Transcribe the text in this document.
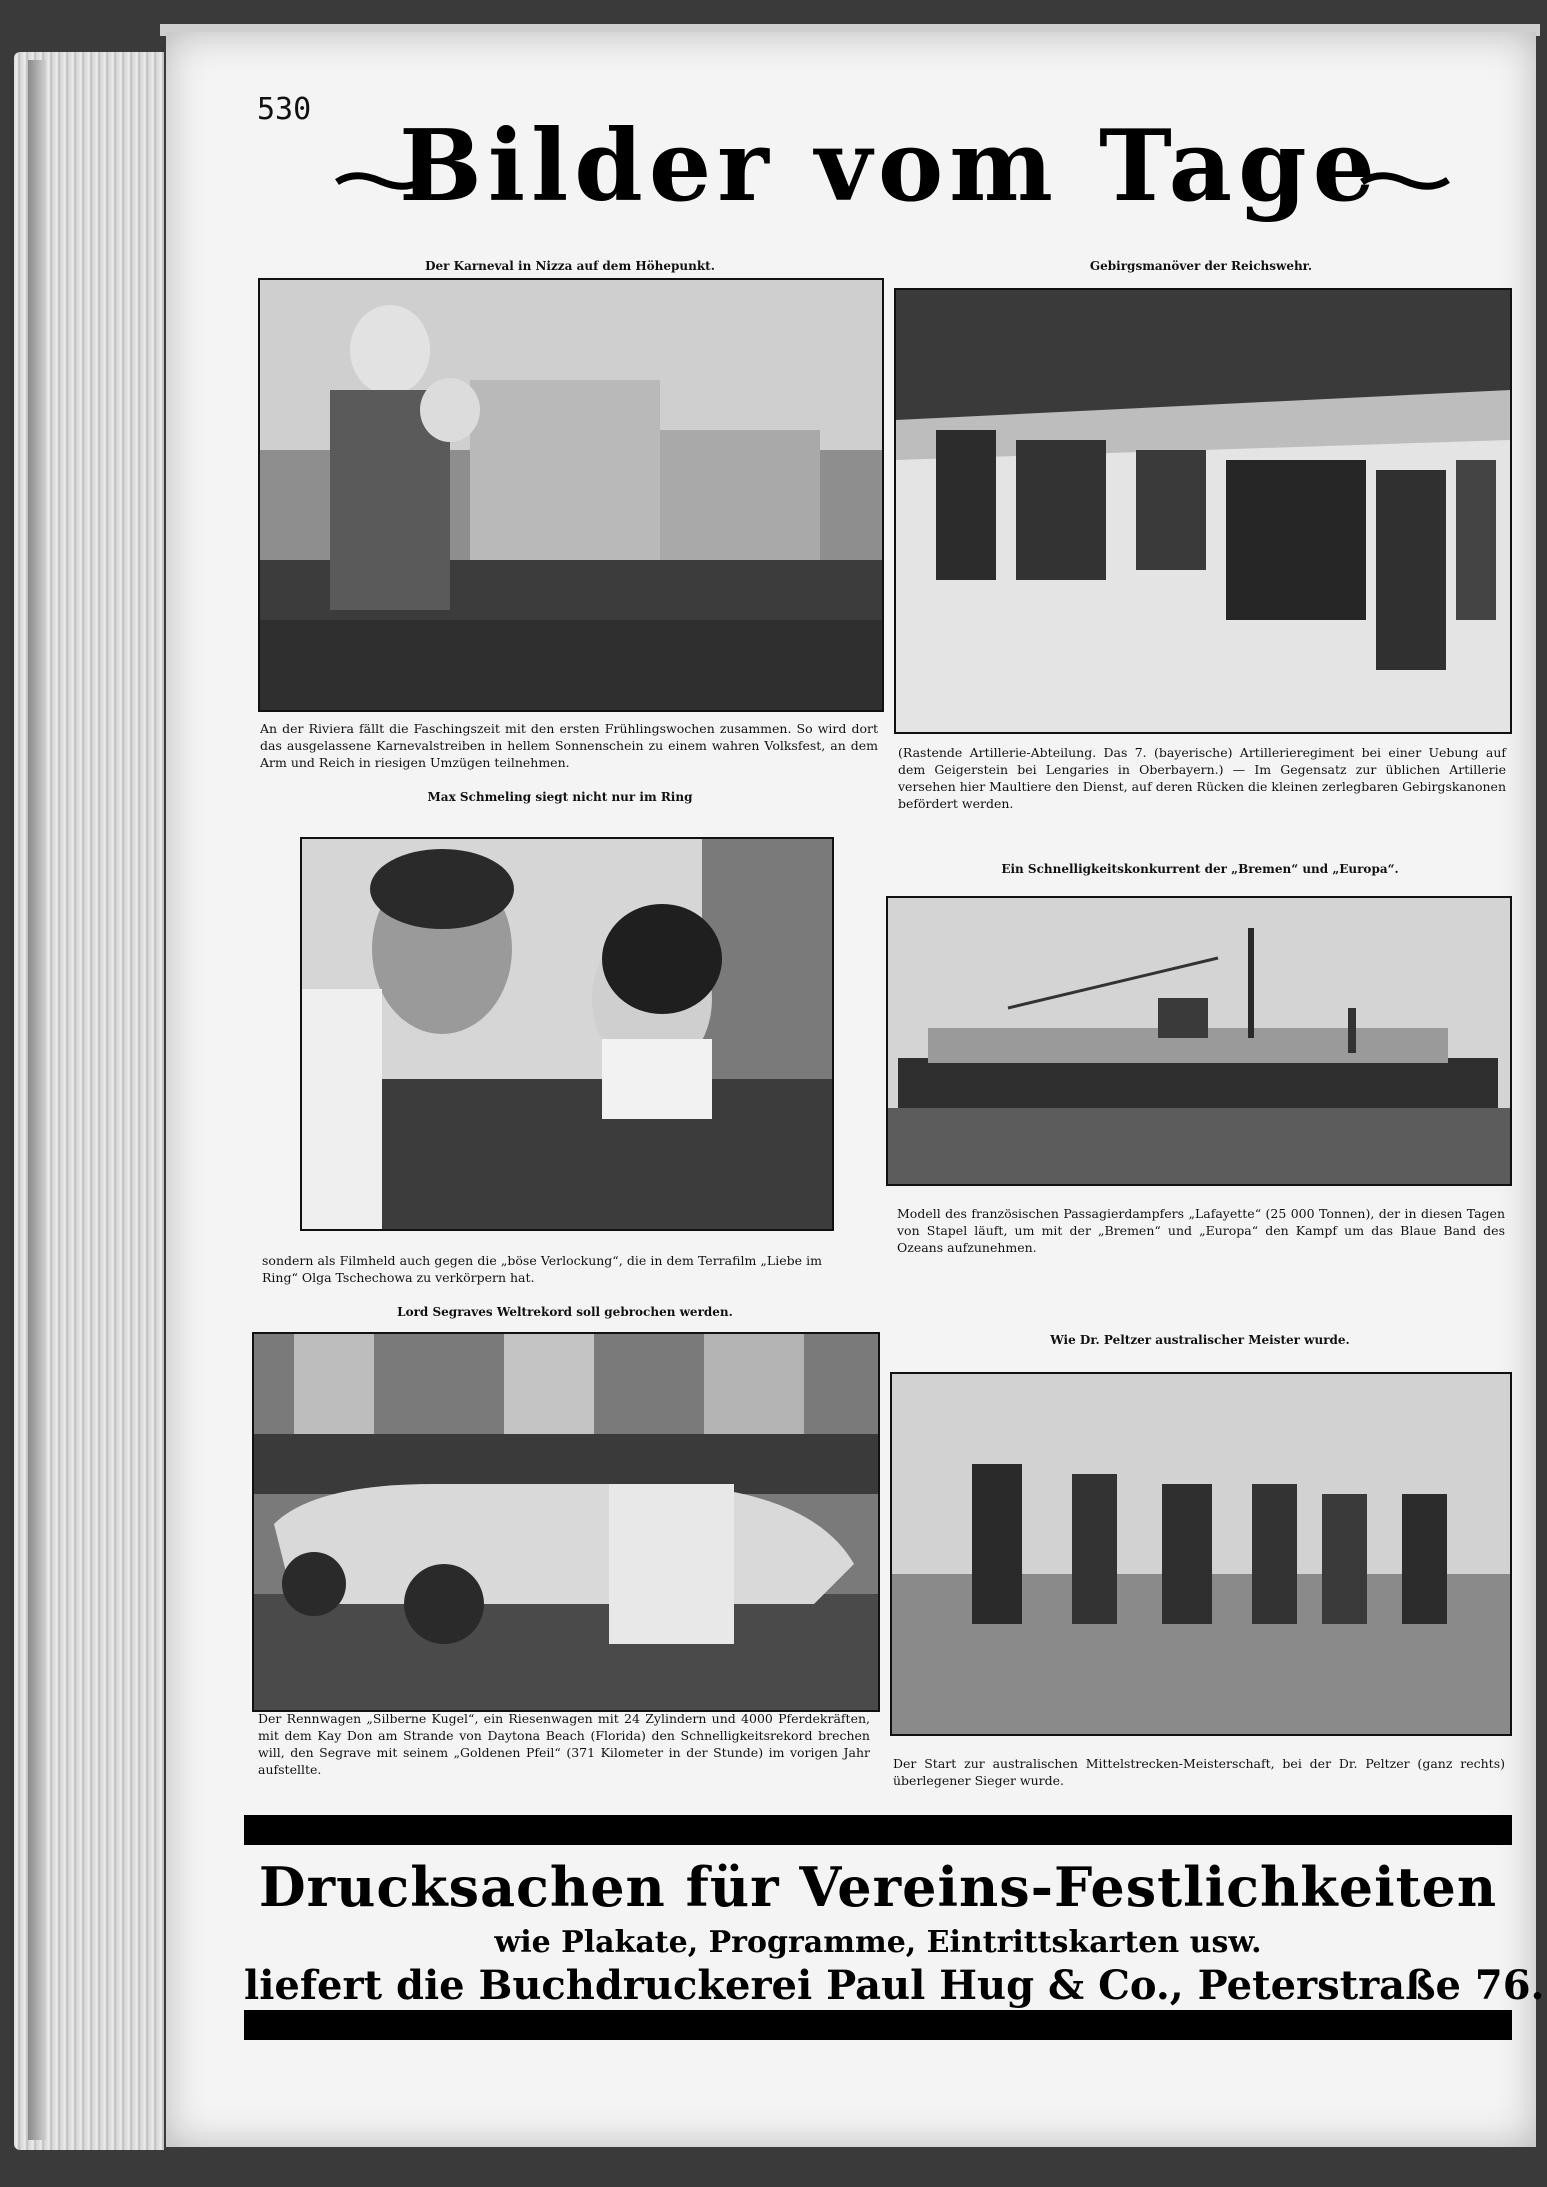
530 Bilder vom Tage
Der Karneval in Nizza auf dem Höhepunkt.
An der Riviera fällt die Faschingszeit mit den ersten Frühlingswochen zusammen. So wird dort das ausgelassene Karnevalstreiben in hellem Sonnenschein zu einem wahren Volksfest, an dem Arm und Reich in riesigen Umzügen teilnehmen.
Gebirgsmanöver der Reichswehr.
(Rastende Artillerie-Abteilung. Das 7. (bayerische) Artillerieregiment bei einer Uebung auf dem Geigerstein bei Lengaries in Oberbayern.) — Im Gegensatz zur üblichen Artillerie versehen hier Maultiere den Dienst, auf deren Rücken die kleinen zerlegbaren Gebirgskanonen befördert werden.
Max Schmeling siegt nicht nur im Ring
sondern als Filmheld auch gegen die „böse Verlockung“, die in dem Terrafilm „Liebe im Ring“ Olga Tschechowa zu verkörpern hat.
Ein Schnelligkeitskonkurrent der „Bremen“ und „Europa“.
Modell des französischen Passagierdampfers „Lafayette“ (25 000 Tonnen), der in diesen Tagen von Stapel läuft, um mit der „Bremen“ und „Europa“ den Kampf um das Blaue Band des Ozeans aufzunehmen.
Lord Segraves Weltrekord soll gebrochen werden.
Der Rennwagen „Silberne Kugel“, ein Riesenwagen mit 24 Zylindern und 4000 Pferdekräften, mit dem Kay Don am Strande von Daytona Beach (Florida) den Schnelligkeitsrekord brechen will, den Segrave mit seinem „Goldenen Pfeil“ (371 Kilometer in der Stunde) im vorigen Jahr aufstellte.
Wie Dr. Peltzer australischer Meister wurde.
Der Start zur australischen Mittelstrecken-Meisterschaft, bei der Dr. Peltzer (ganz rechts) überlegener Sieger wurde.
Drucksachen für Vereins-Festlichkeiten
wie Plakate, Programme, Eintrittskarten usw.
liefert die Buchdruckerei Paul Hug & Co., Peterstraße 76.
